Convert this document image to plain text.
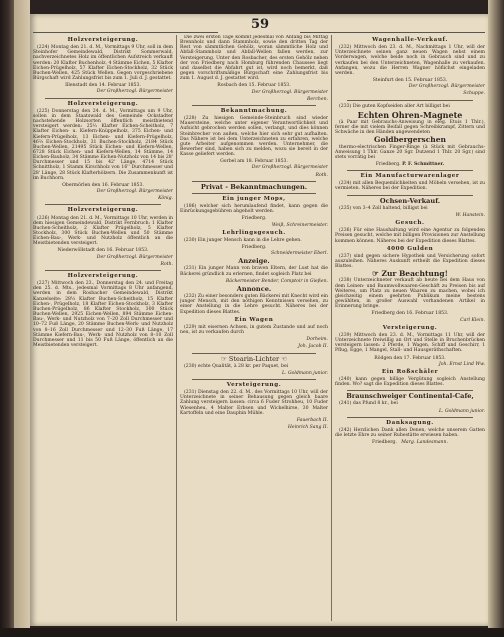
59
Holzversteigerung.
(224) Montag den 21. d. M., Vormittags 9 Uhr, soll in dem Steinhofer Gemeindewald, Distrikt Sommerwald, nachverzeichnetes Holz im öffentlichen Aufstreich verkauft werden: 20 Klafter Buchenholz, 4 Stämme Eichen, 5 Klafter Eichen-Prügelholz, 57 Klafter Eichen-Stockholz, 32 Stück Buchen-Wellen, 425 Stück Wellen. Gegen vorgeschriebene Bürgschaft wird Zahlungsfrist bis zum 1. Juli d. J. gestattet.
Illenstadt den 14. Februar 1853.
Der Großherzogl. Bürgermeister
Holzversteigerung.
(225) Donnerstag den 24. d. M., Vormittags um 9 Uhr, sollen in dem Staatswald des Gemeinde Ockstadter nachstehende Holzsorten öffentlich meistbietend versteigert werden: 25⅓ Klafter Eichen-Scheitholz, 7 Klafter Eichen- u. Kiefern-Knüppelholz, 375 Eichen- und Kiefern-Prügelholz, 13 Eichen- und Kiefern-Prügelholz, 46⅔ Eichen-Stockholz, 31 Buchen-Stockholz, 2184 Stück Buchen-Wellen, 21495 Stück Eichen- und Kiefern-Wellen, 6728 Stück Eichen- und Kiefern-Wellen, 14 Stämme, 14 Eichen-Bauholz, 34 Stämme Eichen-Nutzholz von 14 bis 28' Durchmesser und 15 bis 42' Länge, 4714 Stück Schnittholz, 1 Stamm Kirschholz von 16'' Durchmesser und 28' Länge, 28 Stück Klafterhölzern. Die Zusammenkunft ist im Buchhorn.
Obermörlen den 16. Februar 1853.
Der Großherzogl. Bürgermeister
König.
Holzversteigerung.
(226) Montag den 21. d. M., Vormittags 10 Uhr, werden in dem hiesigen Gemeindewald, Distrikt Fernbruch: 1 Klafter Buchen-Scheitholz, 2 Klafter Prügelholz, 5 Klafter Stockholz, 300 Stück Buchen-Wellen und 50 Stämme Eichen-Bau-, Werk- und Nutzholz öffentlich an die Meistbietenden versteigert.
Niederwöllstadt den 16. Februar 1853.
Der Großherzogl. Bürgermeister
Roth.
Holzversteigerung.
(227) Mittwoch den 23., Donnerstag den 24. und Freitag den 25. d. Mts., jedesmal Vormittags 8 Uhr anfangend, werden in dem Rosbacher Gemeindewald, Distrikt Kanzelseite: 28⅓ Klafter Buchen-Scheitholz, 15 Klafter Eichen-, Prügelholz, 18 Klafter Eichen-Stockholz, 3 Klafter Buchen-Prügelholz, 86 Klafter Stockholz, 300 Stück Buchen-Wellen, 2925 Eichen-Wellen, 894 Stämme Eichen-Bau-, Werk- und Nutzholz von 7–20 Zoll Durchmesser und 10–72 Fuß Länge, 20 Stämme Buchen-Werk- und Nutzholz von 8–16 Zoll Durchmesser und 12–30 Fuß Länge, 17 Stämme Kiefern-Bau-, Werk- und Nutzholz von 8–10 Zoll Durchmesser und 11 bis 50 Fuß Länge, öffentlich an die Meistbietenden versteigert.
Die zwei ersten Tage kommt jedesmal von Anfang bis Mittag Brennholz und dann Stammholz, sowie den dritten Tag der Rest von sämmtlichen Gehölz, woran sämmtliche Holz und Abfall-Stammholz und Abfall-Wellen fallen werden, zur Versteigerung. Unter den Rosbacher, des ersten Gehölz neben der von Friedberg nach Homburg führenden Chaussee liegt und daselbst die Abfahrt gut ist, wird noch bemerkt, daß gegen vorschriftsmäßige Bürgschaft eine Zahlungsfrist bis zum 1. August d. J. gestattet wird.
Rosbach den 15. Februar 1853.
Der Großherzogl. Bürgermeister
Berchen.
Bekanntmachung.
(228) Zu hiesigen Gemeinde-Steinbruch sind wieder Mauersteine, welche unter eigener Verantwortlichkeit und Aufsicht gebrochen werden sollen, verlangt, und dies können Steinbrecher von außen, welche hier sich sehr gut aufhalten. Das Nähere ist bei dem Unterzeichneten zu erfahren, welche gute Arbeiter aufgenommen werden. Unternehmer, die Bewerber sind, haben sich zu melden, wozu sie bereit in der Kasse geliefert werden.
Gorbel am 18. Februar 1853.
Der Großherzogl. Bürgermeister
Roth.
Privat - Bekanntmachungen.
Ein junger Mops,
(186) welcher sich herumlaufend findet, kann gegen die Einrückungsgebühren abgeholt werden.
Friedberg.
Weiß, Schreinermeister.
Lehrlingsgesuch.
(230) Ein junger Mensch kann in die Lehre gehen.
Friedberg.
Schneidermeister Eberl.
Anzeige.
(231) Ein junger Mann von braven Eltern, der Lust hat die Bäckerei gründlich zu erlernen, findet sogleich Platz bei
Bäckermeister Bender, Comptoir in Gießen.
Annonce.
(232) Zu einer besonders guten Bäckerei mit Knecht wird ein junger Mensch, mit den nöthigen Kenntnissen versehen, zu einer Anstellung in die Lehre gesucht. Näheres bei der Expedition dieses Blattes.
Ein Wagen
(229) mit eisernen Achsen, in gutem Zustande und auf noch neu, ist zu verkaufen durch
Dorheim.
Joh. Jacob II.
☞ Stearin-Lichter ☜
(230) echte Qualität, à 28 kr. per Paquet, bei
L. Goldmann junior.
Versteigerung.
(231) Dienstag den 22. d. M., des Vormittags 10 Uhr, will der Unterzeichnete in seiner Behausung gegen gleich baare Zahlung versteigern lassen: circa 6 Fuder Strohheu, 10 Fuder Wiesenheu, 4 Malter Erbsen und Wickelhirse, 30 Malter Kartoffeln und eine Dauphin Mühle.
Fauerbach II.
Heinrich Sang II.
Wagenhalle-Verkauf.
(232) Mittwoch den 23. d. M., Nachmittags 1 Uhr, will der Unterzeichnete seinen ganz neuen Wagen nebst einem Vorderwagen, welche beide noch in Gebrauch sind und zu verkaufen bei den Unterzeichneten, Wagenhalle zu verkaufen. Anfangen, wozu die Herren Wagner höflichst eingeladen werden.
Steinfurt den 15. Februar 1853.
Der Großherzogl. Bürgermeister
Schuppe.
(233) Die guten Kopfseiden aller Art billigst bei
Echten Ohren-Magnete
(à Paar mit Gebrauchs-Anweisung in eleg. Etuis 1 Thlr.), ferner die mit vielem Beifall gegen Schreibkrampf, Zittern und Schwäche in den Händen angewendeten
Goldbergerschen
thermo-electrischen Finger-Ringe (à Stück mit Gebrauchs-Anweisung 1 Thlr. Ganze 20 Sgr. Dutzend 1 Thlr. 20 Sgr.) sind stets vorrätig bei
Friedberg. P. F. Schmittner.
Ein Manufacturwarenlager
(234) mit allen Bequemlichkeiten und Möbeln versehen, ist zu vermieten. Näheres bei der Expedition.
Ochsen-Verkauf.
(235) von 3–4 Zoll haltend, billigst bei
W. Hanstein.
Gesuch.
(236) Für eine Haushaltung wird eine Agentur zu folgenden Preisen gesucht, welche mit billigen Provisionen zur Anstellung kommen können. Näheres bei der Expedition dieses Blattes.
4000 Gulden
(237) sind gegen sichere Hypothek und Versicherung sofort auszuleihen. Näheres Auskunft ertheilt die Expedition dieses Blattes.
☞ Zur Beachtung!
(238) Unterzeichneter verkauft ab heute bei dem Haus von dem Leinen- und Baumwollwaaren-Geschäft zu Preisen bis auf Weiteres, um Platz zu neuen Waaren zu machen, wobei ich gleichzeitig einem geehrten Publikum meine bestens gewählten, in großer Auswahl vorhandenen Artikel in Erinnerung bringe.
Friedberg den 16. Februar 1853.
Carl Klein.
Versteigerung.
(239) Mittwoch den 23. d. M., Vormittags 11 Uhr, will der Unterzeichnete freiwillig an Ort und Stelle in Bruchenbrücken versteigern lassen: 2 Pferde, 1 Wagen, Schiff und Geschirr, 1 Pflug, Egge, 1 Mangel, Stall- und Hausgeräthschaften.
Rödgen den 17. Februar 1853.
Joh. Ernst Lind Ww.
Ein Roßschäler
(240) kann gegen billige Vergütung sogleich Anstellung finden. Wo? sagt die Expedition dieses Blattes.
Braunschweiger Continental-Cafe,
(241) das Pfund 8 kr., bei
L. Goldmann junior.
Danksagung.
(242) Herzlichen Dank allen Denen, welche unserem Gatten die letzte Ehre zu seiner Ruhestätte erwiesen haben.
Friedberg. Marg. Landesmann.
